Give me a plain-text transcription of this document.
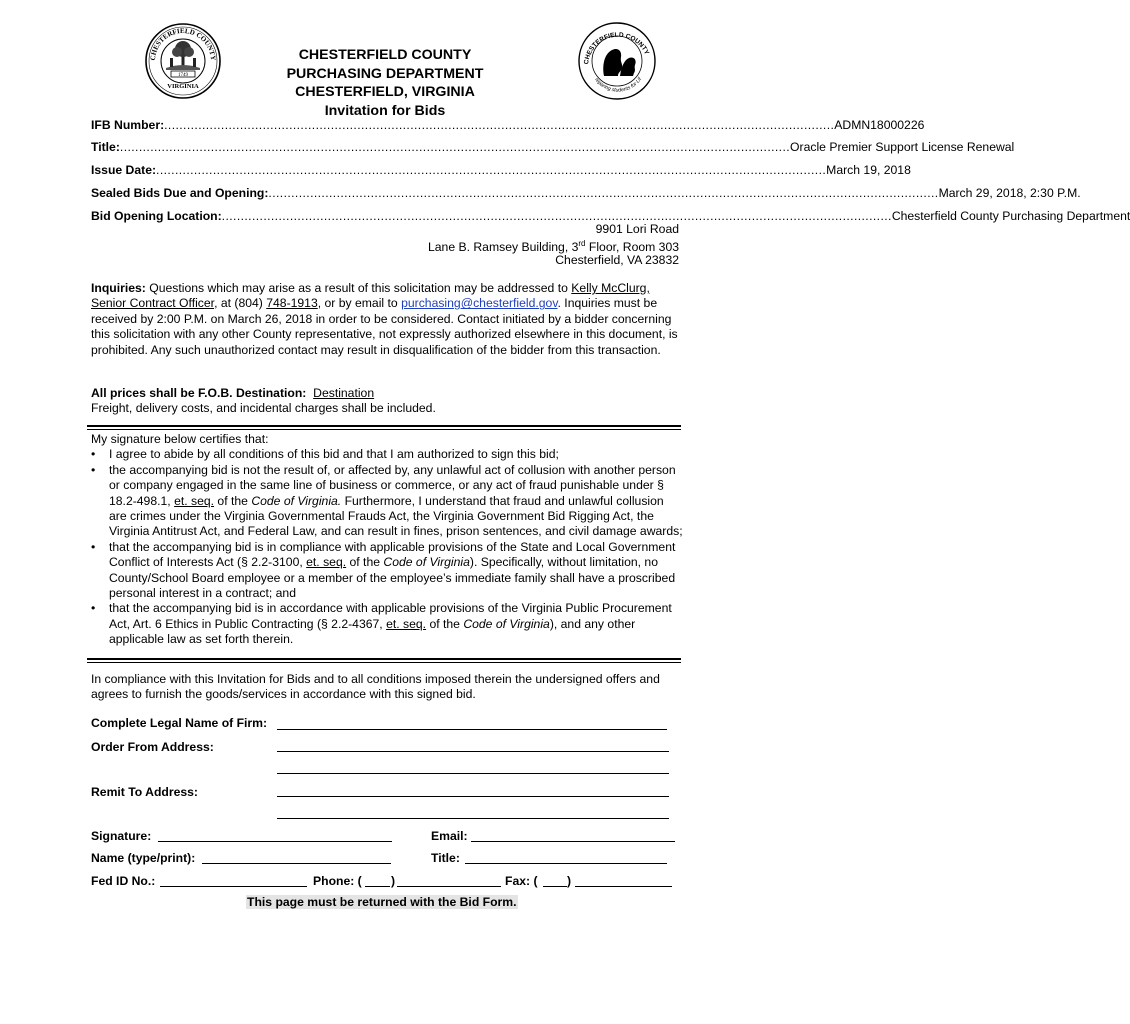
CHESTERFIELD COUNTY
1749
VIRGINIA
CHESTERFIELD COUNTY
reparing students for Lif
CHESTERFIELD COUNTY
PURCHASING DEPARTMENT
CHESTERFIELD, VIRGINIA
Invitation for Bids
IFB Number: ................................................................................................................................................................................. ADMN18000226
Title: ................................................................................................................................................................................. Oracle Premier Support License Renewal
Issue Date: ................................................................................................................................................................................. March 19, 2018
Sealed Bids Due and Opening: ................................................................................................................................................................................. March 29, 2018, 2:30 P.M.
Bid Opening Location: ................................................................................................................................................................................. Chesterfield County Purchasing Department
9901 Lori Road
Lane B. Ramsey Building, 3rd Floor, Room 303
Chesterfield, VA 23832
Inquiries: Questions which may arise as a result of this solicitation may be addressed to Kelly McClurg, Senior Contract Officer, at (804) 748-1913, or by email to purchasing@chesterfield.gov. Inquiries must be received by 2:00 P.M. on March 26, 2018 in order to be considered. Contact initiated by a bidder concerning this solicitation with any other County representative, not expressly authorized elsewhere in this document, is prohibited. Any such unauthorized contact may result in disqualification of the bidder from this transaction.
All prices shall be F.O.B. Destination: Destination
Freight, delivery costs, and incidental charges shall be included.
My signature below certifies that:
• I agree to abide by all conditions of this bid and that I am authorized to sign this bid;
• the accompanying bid is not the result of, or affected by, any unlawful act of collusion with another person or company engaged in the same line of business or commerce, or any act of fraud punishable under § 18.2-498.1, et. seq. of the Code of Virginia. Furthermore, I understand that fraud and unlawful collusion are crimes under the Virginia Governmental Frauds Act, the Virginia Government Bid Rigging Act, the Virginia Antitrust Act, and Federal Law, and can result in fines, prison sentences, and civil damage awards;
• that the accompanying bid is in compliance with applicable provisions of the State and Local Government Conflict of Interests Act (§ 2.2-3100, et. seq. of the Code of Virginia). Specifically, without limitation, no County/School Board employee or a member of the employee’s immediate family shall have a proscribed personal interest in a contract; and
• that the accompanying bid is in accordance with applicable provisions of the Virginia Public Procurement Act, Art. 6 Ethics in Public Contracting (§ 2.2-4367, et. seq. of the Code of Virginia), and any other applicable law as set forth therein.
In compliance with this Invitation for Bids and to all conditions imposed therein the undersigned offers and agrees to furnish the goods/services in accordance with this signed bid.
Complete Legal Name of Firm:
Order From Address:
Remit To Address:
Signature:	Email:
Name (type/print):	Title:
Fed ID No.:	Phone: ( )	Fax: ( )
This page must be returned with the Bid Form.
